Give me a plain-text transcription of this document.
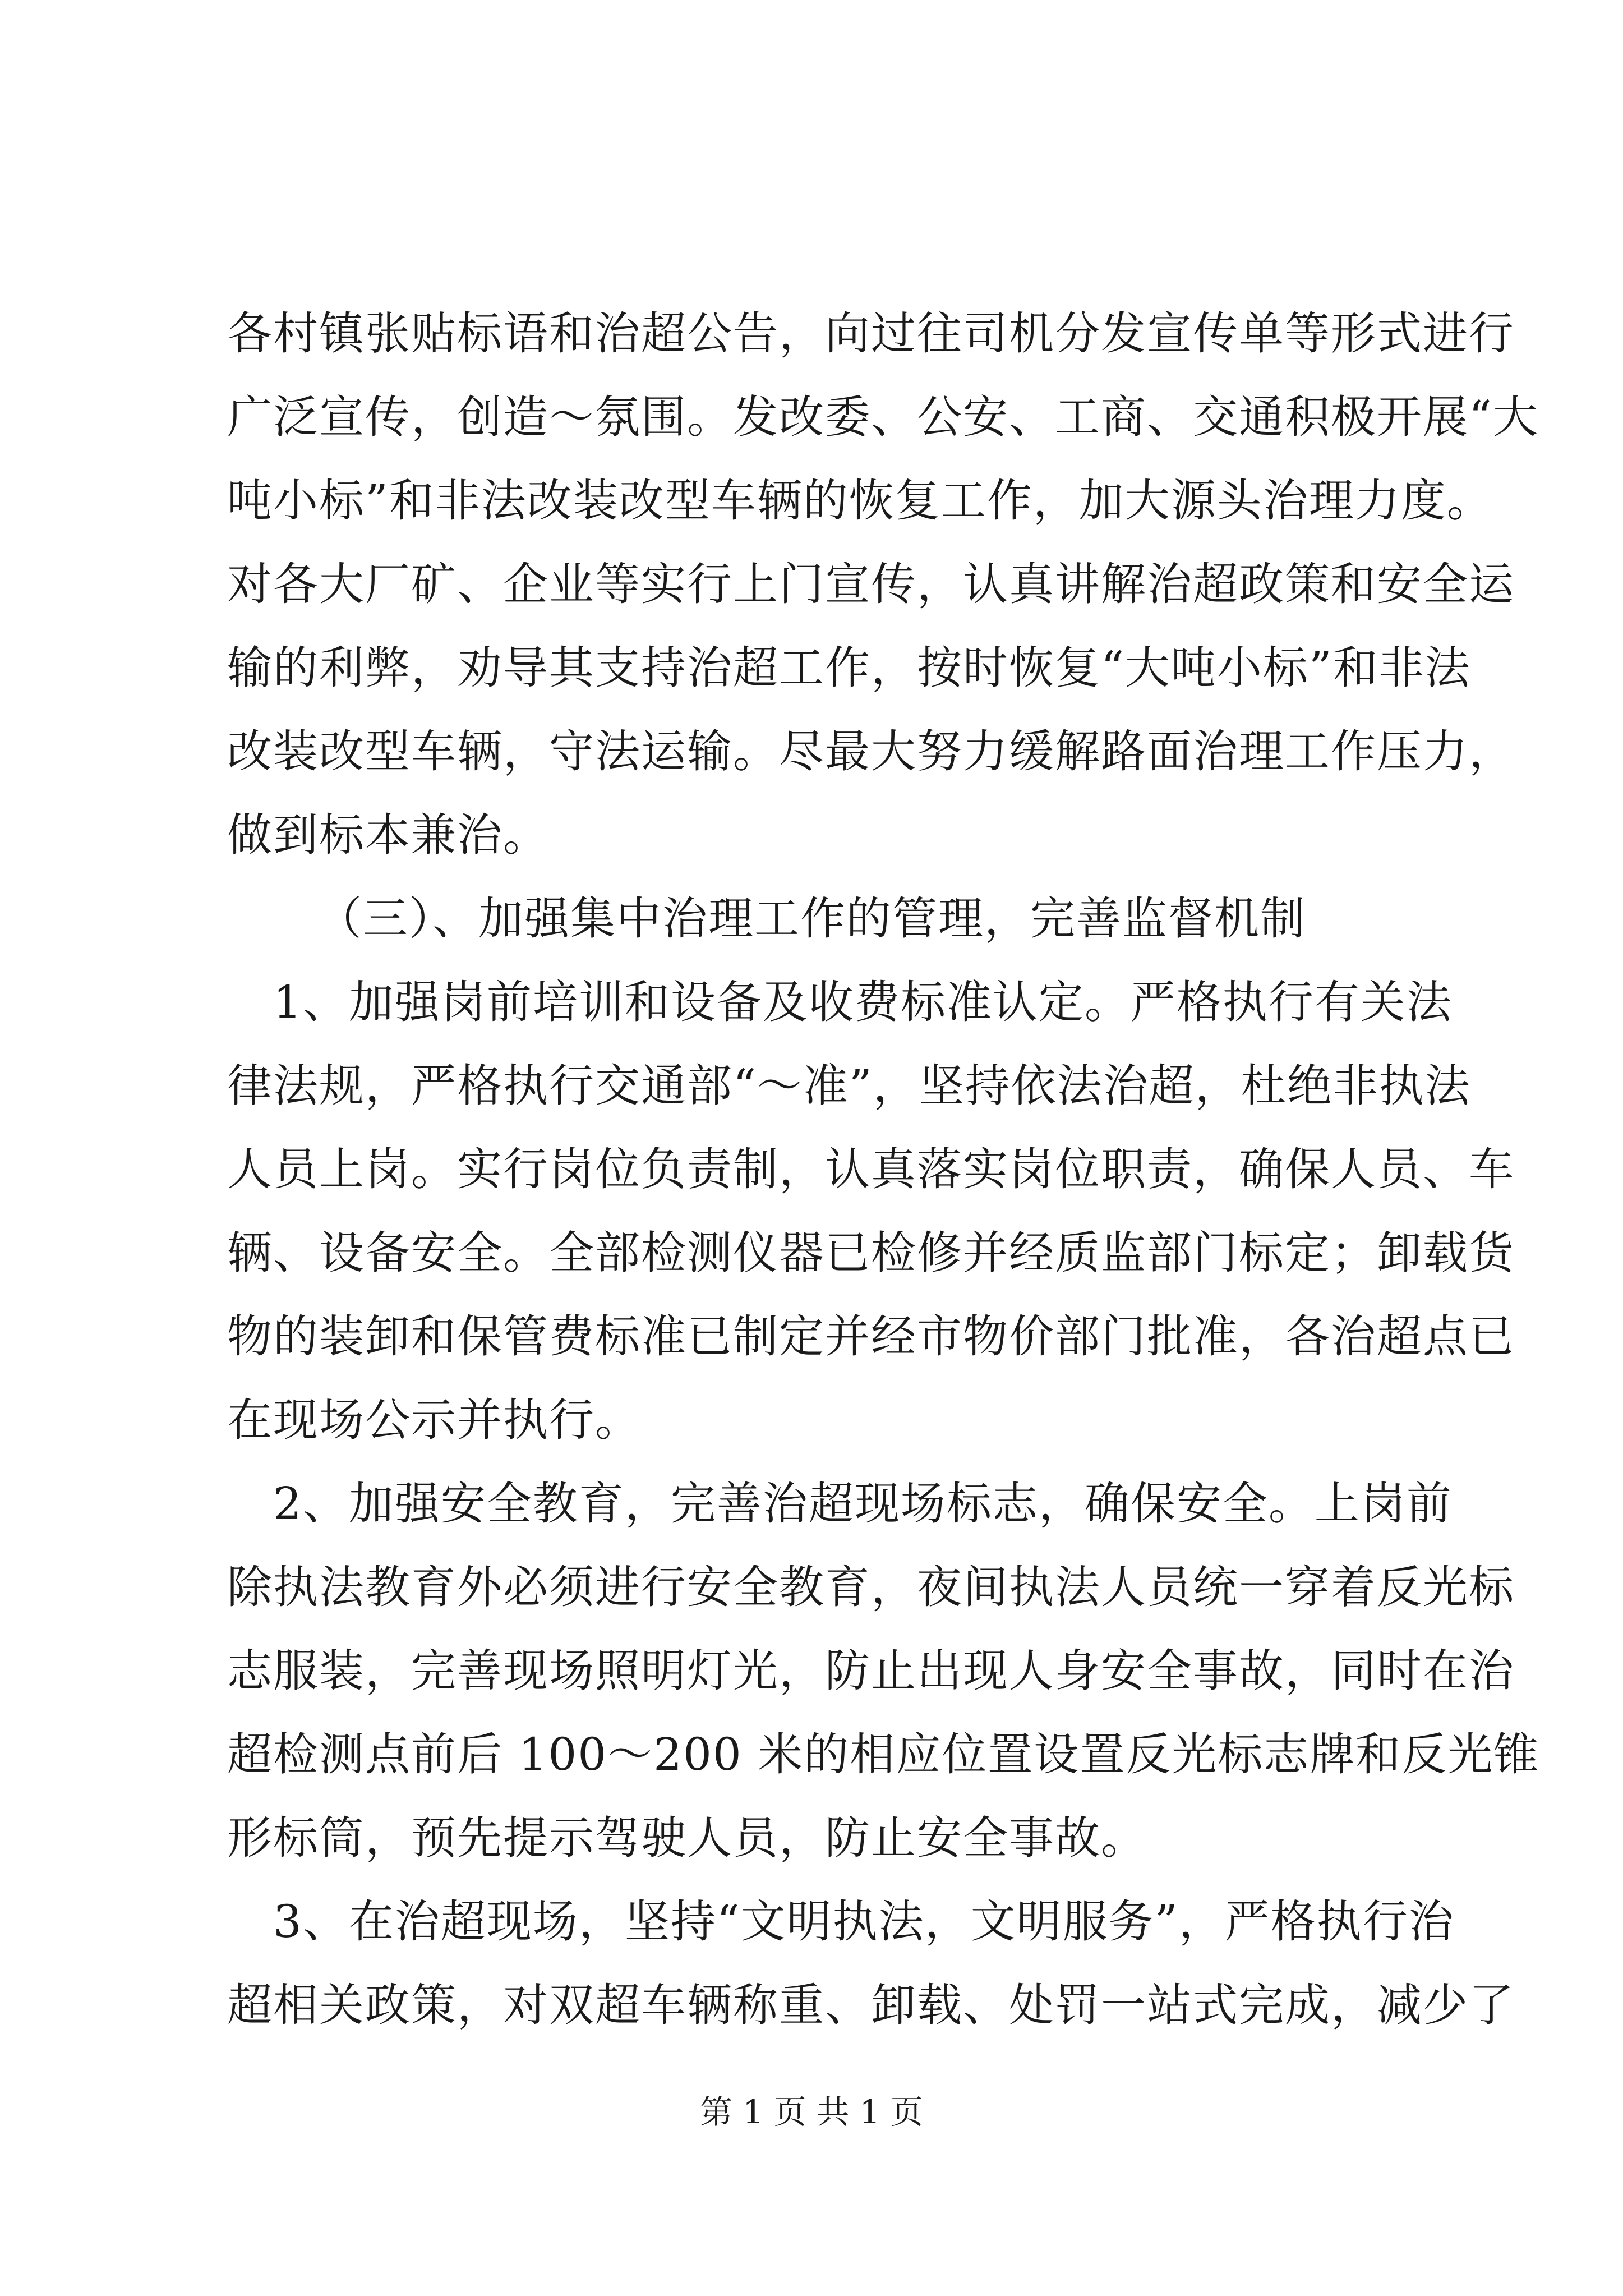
各村镇张贴标语和治超公告，向过往司机分发宣传单等形式进行
广泛宣传，创造～氛围。发改委、公安、工商、交通积极开展“大
吨小标”和非法改装改型车辆的恢复工作，加大源头治理力度。
对各大厂矿、企业等实行上门宣传，认真讲解治超政策和安全运
输的利弊，劝导其支持治超工作，按时恢复“大吨小标”和非法
改装改型车辆，守法运输。尽最大努力缓解路面治理工作压力，
做到标本兼治。
（三）、加强集中治理工作的管理，完善监督机制
　1、加强岗前培训和设备及收费标准认定。严格执行有关法
律法规，严格执行交通部“～准”，坚持依法治超，杜绝非执法
人员上岗。实行岗位负责制，认真落实岗位职责，确保人员、车
辆、设备安全。全部检测仪器已检修并经质监部门标定；卸载货
物的装卸和保管费标准已制定并经市物价部门批准，各治超点已
在现场公示并执行。
　2、加强安全教育，完善治超现场标志，确保安全。上岗前
除执法教育外必须进行安全教育，夜间执法人员统一穿着反光标
志服装，完善现场照明灯光，防止出现人身安全事故，同时在治
超检测点前后 100～200 米的相应位置设置反光标志牌和反光锥
形标筒，预先提示驾驶人员，防止安全事故。
　3、在治超现场，坚持“文明执法，文明服务”，严格执行治
超相关政策，对双超车辆称重、卸载、处罚一站式完成，减少了
第 1 页 共 1 页
